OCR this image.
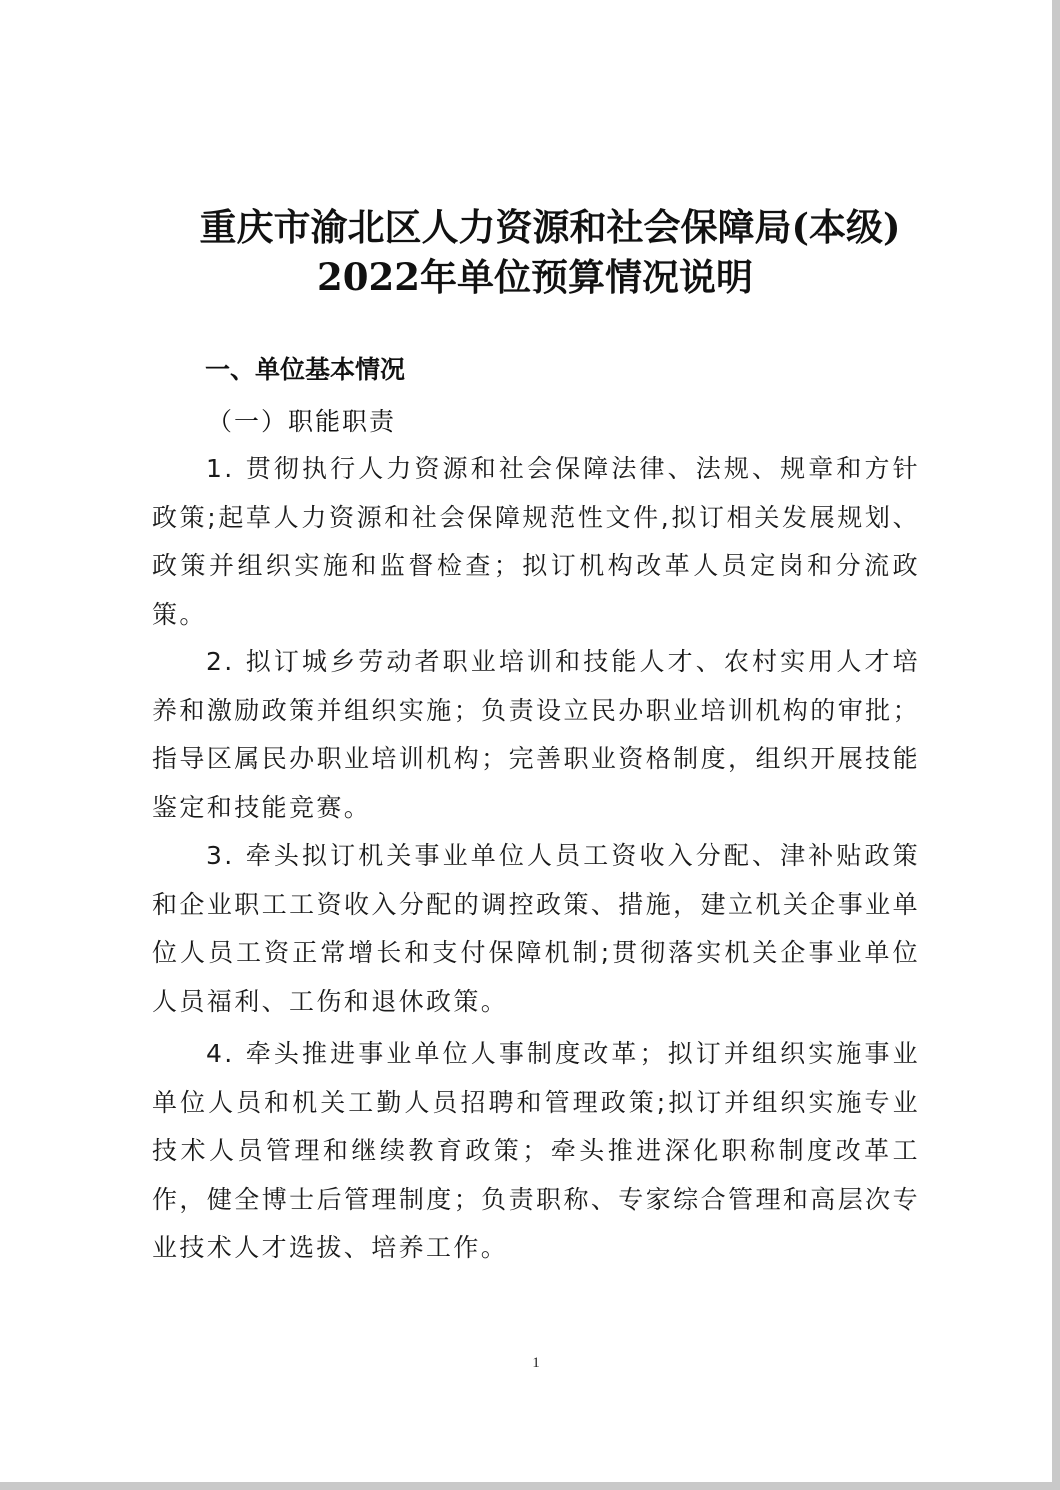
重庆市渝北区人力资源和社会保障局(本级)
2022年单位预算情况说明
一、单位基本情况
（一）职能职责

1. 贯彻执行人力资源和社会保障法律、法规、规章和方针政策;起草人力资源和社会保障规范性文件,拟订相关发展规划、政策并组织实施和监督检查；拟订机构改革人员定岗和分流政策。

2. 拟订城乡劳动者职业培训和技能人才、农村实用人才培养和激励政策并组织实施；负责设立民办职业培训机构的审批；指导区属民办职业培训机构；完善职业资格制度，组织开展技能鉴定和技能竞赛。

3. 牵头拟订机关事业单位人员工资收入分配、津补贴政策和企业职工工资收入分配的调控政策、措施，建立机关企事业单位人员工资正常增长和支付保障机制;贯彻落实机关企事业单位人员福利、工伤和退休政策。

4. 牵头推进事业单位人事制度改革；拟订并组织实施事业单位人员和机关工勤人员招聘和管理政策;拟订并组织实施专业技术人员管理和继续教育政策；牵头推进深化职称制度改革工作，健全博士后管理制度；负责职称、专家综合管理和高层次专业技术人才选拔、培养工作。

1
